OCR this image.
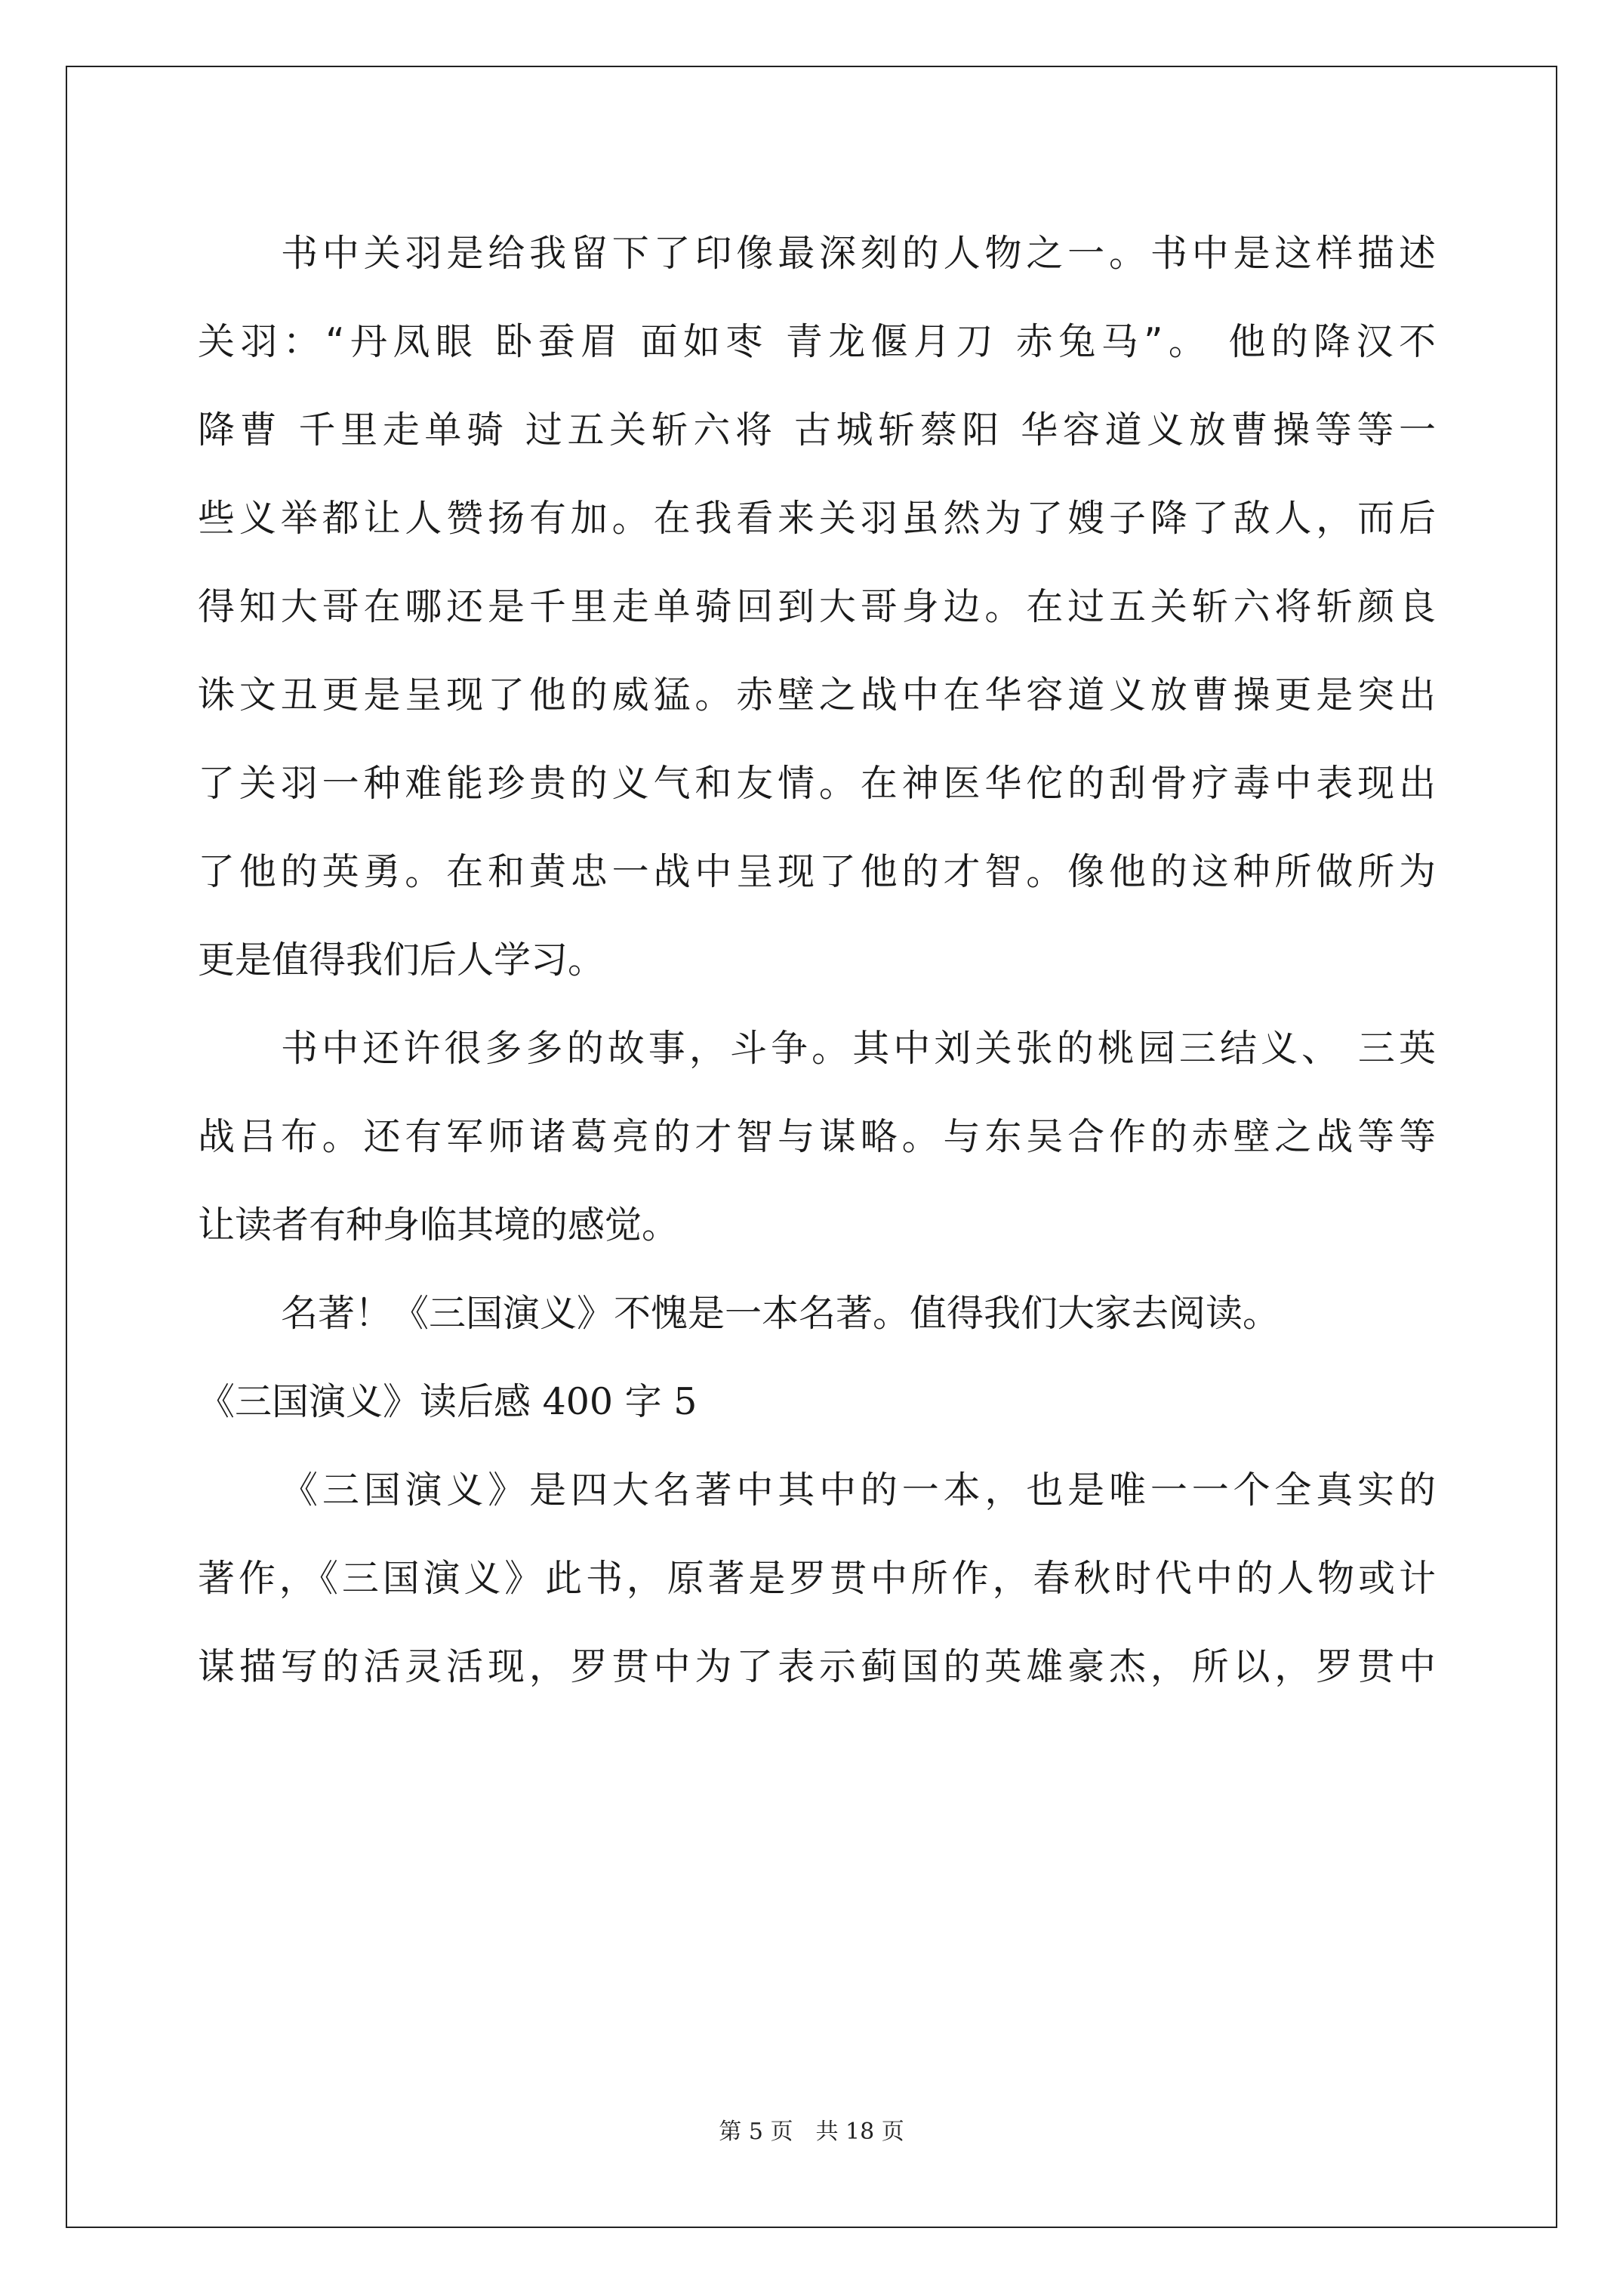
书中关羽是给我留下了印像最深刻的人物之一。书中是这样描述
关羽：“丹凤眼 卧蚕眉 面如枣 青龙偃月刀 赤兔马”。 他的降汉不
降曹 千里走单骑 过五关斩六将 古城斩蔡阳 华容道义放曹操等等一
些义举都让人赞扬有加。在我看来关羽虽然为了嫂子降了敌人，而后
得知大哥在哪还是千里走单骑回到大哥身边。在过五关斩六将斩颜良
诛文丑更是呈现了他的威猛。赤壁之战中在华容道义放曹操更是突出
了关羽一种难能珍贵的义气和友情。在神医华佗的刮骨疗毒中表现出
了他的英勇。在和黄忠一战中呈现了他的才智。像他的这种所做所为
更是值得我们后人学习。
书中还许很多多的故事，斗争。其中刘关张的桃园三结义、 三英
战吕布。还有军师诸葛亮的才智与谋略。与东吴合作的赤壁之战等等
让读者有种身临其境的感觉。
名著！《三国演义》不愧是一本名著。值得我们大家去阅读。
《三国演义》读后感 400 字 5
《三国演义》是四大名著中其中的一本，也是唯一一个全真实的
著作，《三国演义》此书，原著是罗贯中所作，春秋时代中的人物或计
谋描写的活灵活现，罗贯中为了表示蓟国的英雄豪杰，所以，罗贯中
第 5 页　共 18 页
